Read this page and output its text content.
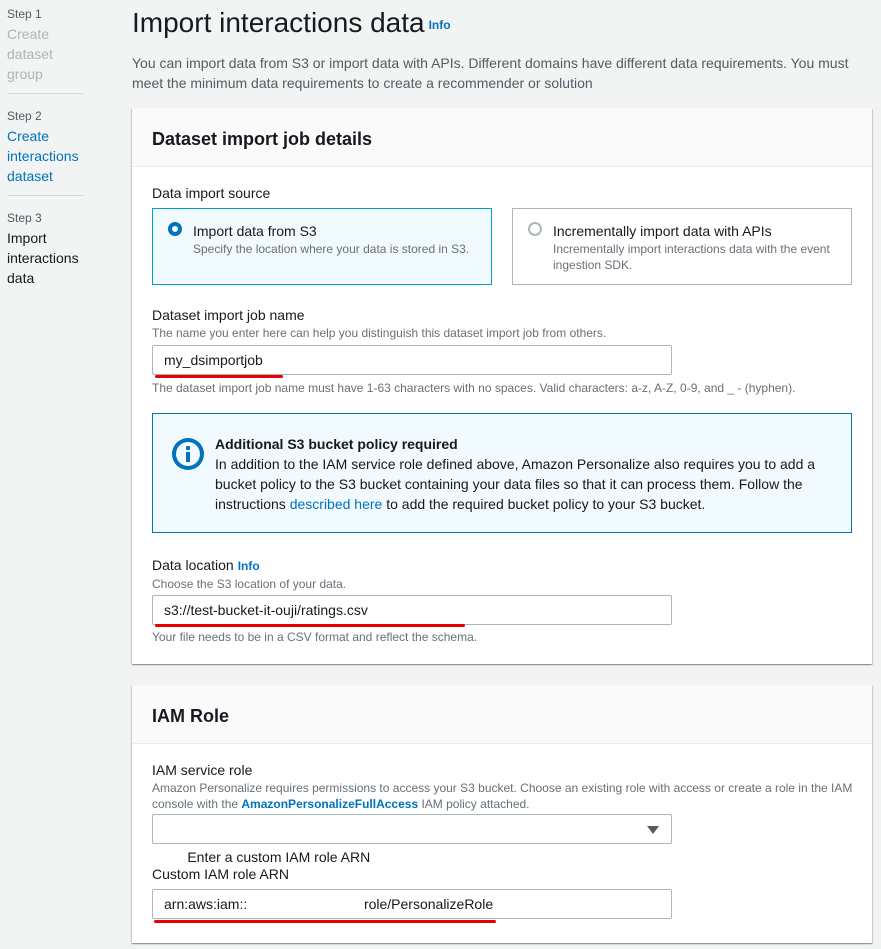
Step 1
Create dataset group
Step 2
Create interactions dataset
Step 3
Import interactions data
Import interactions data Info

You can import data from S3 or import data with APIs. Different domains have different data requirements. You must meet the minimum data requirements to create a recommender or solution

Dataset import job details
Data import source
Import data from S3
Specify the location where your data is stored in S3.
Incrementally import data with APIs
Incrementally import interactions data with the event ingestion SDK.
Dataset import job name
The name you enter here can help you distinguish this dataset import job from others.
my_dsimportjob
The dataset import job name must have 1-63 characters with no spaces. Valid characters: a-z, A-Z, 0-9, and _ - (hyphen).
Additional S3 bucket policy required
In addition to the IAM service role defined above, Amazon Personalize also requires you to add a bucket policy to the S3 bucket containing your data files so that it can process them. Follow the instructions described here to add the required bucket policy to your S3 bucket.
Data location Info
Choose the S3 location of your data.
s3://test-bucket-it-ouji/ratings.csv
Your file needs to be in a CSV format and reflect the schema.
IAM Role
IAM service role
Amazon Personalize requires permissions to access your S3 bucket. Choose an existing role with access or create a role in the IAM console with the AmazonPersonalizeFullAccess IAM policy attached.

Enter a custom IAM role ARN

Custom IAM role ARN
arn:aws:iam::                              role/PersonalizeRole
